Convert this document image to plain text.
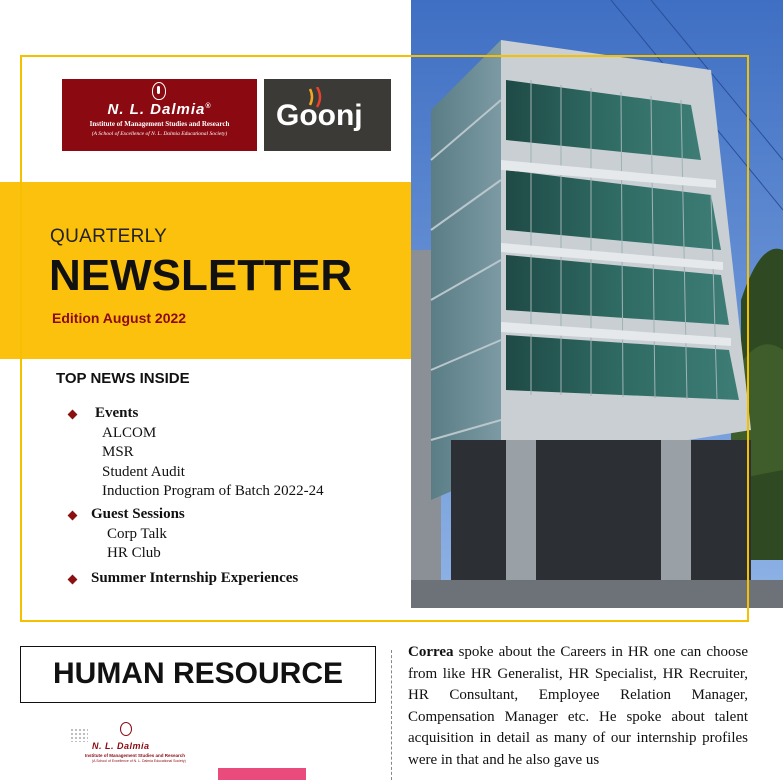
N. L. Dalmia®
Institute of Management Studies and Research
(A School of Excellence of N. L. Dalmia Educational Society)
Goonj
QUARTERLY
NEWSLETTER
Edition August 2022
TOP NEWS INSIDE
Events
ALCOM
MSR
Student Audit
Induction Program of Batch 2022-24
Guest Sessions
Corp Talk
HR Club
Summer Internship Experiences
HUMAN RESOURCE
N. L. Dalmia
Institute of Management Studies and Research
(A School of Excellence of N. L. Dalmia Educational Society)
Correa spoke about the Careers in HR one can choose from like HR Generalist, HR Specialist, HR Recruiter, HR Consultant, Employee Relation Manager, Compensation Manager etc. He spoke about talent acquisition in detail as many of our internship profiles were in that and he also gave us
